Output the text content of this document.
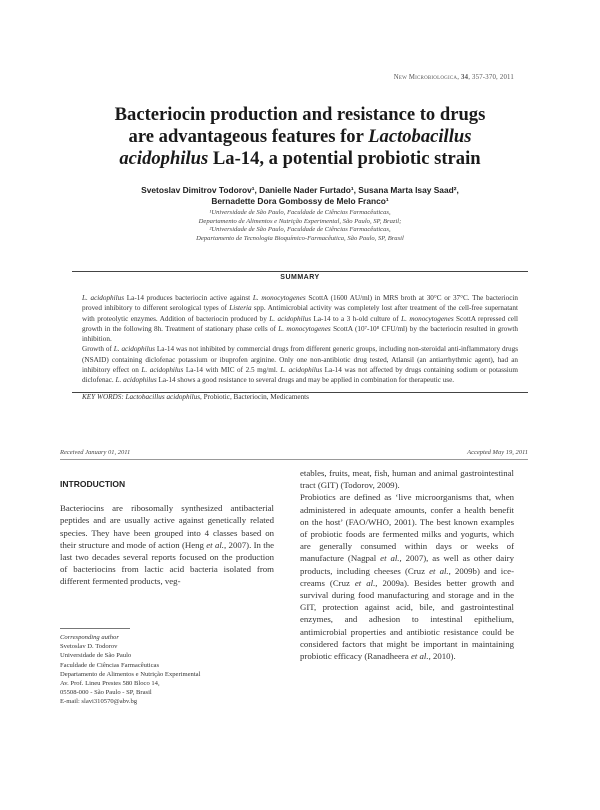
New Microbiologica, 34, 357-370, 2011
Bacteriocin production and resistance to drugs
are advantageous features for Lactobacillus
acidophilus La-14, a potential probiotic strain
Svetoslav Dimitrov Todorov¹, Danielle Nader Furtado¹, Susana Marta Isay Saad²,
Bernadette Dora Gombossy de Melo Franco¹
¹Universidade de São Paulo, Faculdade de Ciências Farmacêuticas,
Departamento de Alimentos e Nutrição Experimental, São Paulo, SP, Brazil;
²Universidade de São Paulo, Faculdade de Ciências Farmacêuticas,
Departamento de Tecnologia Bioquímico-Farmacêutica, São Paulo, SP, Brasil
SUMMARY

L. acidophilus La-14 produces bacteriocin active against L. monocytogenes ScottA (1600 AU/ml) in MRS broth at 30°C or 37°C. The bacteriocin proved inhibitory to different serological types of Listeria spp. Antimicrobial activity was completely lost after treatment of the cell-free supernatant with proteolytic enzymes. Addition of bacteriocin produced by L. acidophilus La-14 to a 3 h-old culture of L. monocytogenes ScottA repressed cell growth in the following 8h. Treatment of stationary phase cells of L. monocytogenes ScottA (10⁷-10⁸ CFU/ml) by the bacteriocin resulted in growth inhibition.

Growth of L. acidophilus La-14 was not inhibited by commercial drugs from different generic groups, including non-steroidal anti-inflammatory drugs (NSAID) containing diclofenac potassium or ibuprofen arginine. Only one non-antibiotic drug tested, Atlansil (an antiarrhythmic agent), had an inhibitory effect on L. acidophilus La-14 with MIC of 2.5 mg/ml. L. acidophilus La-14 was not affected by drugs containing sodium or potassium diclofenac. L. acidophilus La-14 shows a good resistance to several drugs and may be applied in combination for therapeutic use.

KEY WORDS: Lactobacillus acidophilus, Probiotic, Bacteriocin, Medicaments

Received January 01, 2011	Accepted May 19, 2011

INTRODUCTION

Bacteriocins are ribosomally synthesized antibacterial peptides and are usually active against genetically related species. They have been grouped into 4 classes based on their structure and mode of action (Heng et al., 2007). In the last two decades several reports focused on the production of bacteriocins from lactic acid bacteria isolated from different fermented products, veg-

etables, fruits, meat, fish, human and animal gastrointestinal tract (GIT) (Todorov, 2009).

Probiotics are defined as ‘live microorganisms that, when administered in adequate amounts, confer a health benefit on the host’ (FAO/WHO, 2001). The best known examples of probiotic foods are fermented milks and yogurts, which are generally consumed within days or weeks of manufacture (Nagpal et al., 2007), as well as other dairy products, including cheeses (Cruz et al., 2009b) and ice-creams (Cruz et al., 2009a). Besides better growth and survival during food manufacturing and storage and in the GIT, protection against acid, bile, and gastrointestinal enzymes, and adhesion to intestinal epithelium, antimicrobial properties and antibiotic resistance could be considered factors that might be important in maintaining probiotic efficacy (Ranadheera et al., 2010).

Corresponding author
Svetoslav D. Todorov
Universidade de São Paulo
Faculdade de Ciências Farmacêuticas
Departamento de Alimentos e Nutrição Experimental
Av. Prof. Lineu Prestes 580 Bloco 14,
05508-000 - São Paulo - SP, Brasil
E-mail: slavi310570@abv.bg
